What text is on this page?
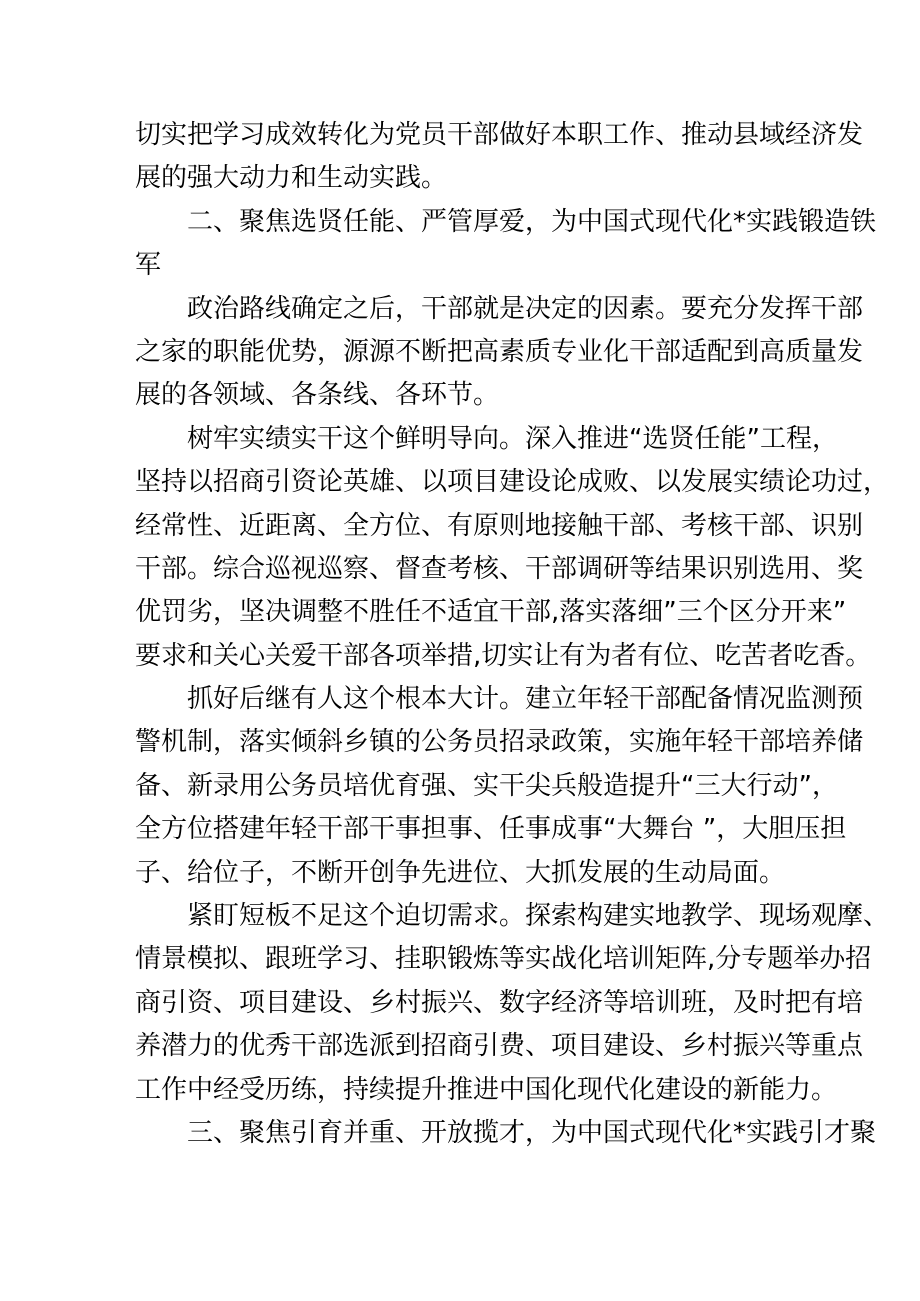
切实把学习成效转化为党员干部做好本职工作、推动县域经济发
展的强大动力和生动实践。
二、聚焦选贤任能、严管厚爱，为中国式现代化*实践锻造铁
军
政治路线确定之后，干部就是决定的因素。要充分发挥干部
之家的职能优势，源源不断把高素质专业化干部适配到高质量发
展的各领域、各条线、各环节。
树牢实绩实干这个鲜明导向。深入推进“选贤任能”工程，
坚持以招商引资论英雄、以项目建设论成败、以发展实绩论功过，
经常性、近距离、全方位、有原则地接触干部、考核干部、识别
干部。综合巡视巡察、督查考核、干部调研等结果识别选用、奖
优罚劣，坚决调整不胜任不适宜干部,落实落细”三个区分开来”
要求和关心关爱干部各项举措,切实让有为者有位、吃苦者吃香。
抓好后继有人这个根本大计。建立年轻干部配备情况监测预
警机制，落实倾斜乡镇的公务员招录政策，实施年轻干部培养储
备、新录用公务员培优育强、实干尖兵般造提升“三大行动”，
全方位搭建年轻干部干事担事、任事成事“大舞台 ”，大胆压担
子、给位子，不断开创争先进位、大抓发展的生动局面。
紧盯短板不足这个迫切需求。探索构建实地教学、现场观摩、
情景模拟、跟班学习、挂职锻炼等实战化培训矩阵,分专题举办招
商引资、项目建设、乡村振兴、数字经济等培训班，及时把有培
养潜力的优秀干部选派到招商引费、项目建设、乡村振兴等重点
工作中经受历练，持续提升推进中国化现代化建设的新能力。
三、聚焦引育并重、开放揽才，为中国式现代化*实践引才聚
